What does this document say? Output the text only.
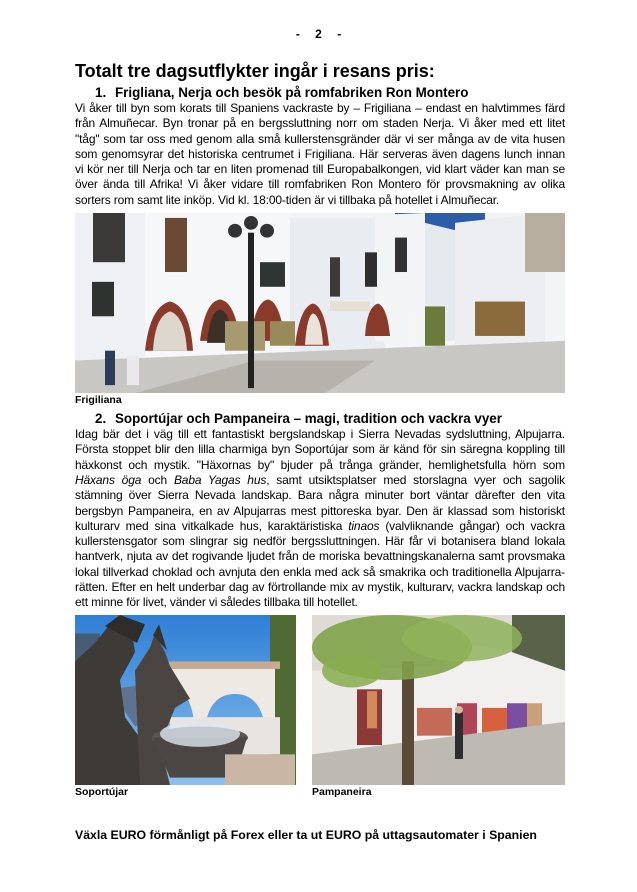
- 2 -
Totalt tre dagsutflykter ingår i resans pris:
1. Frigliana, Nerja och besök på romfabriken Ron Montero
Vi åker till byn som korats till Spaniens vackraste by – Frigiliana – endast en halvtimmes färd
från Almuñecar. Byn tronar på en bergssluttning norr om staden Nerja. Vi åker med ett litet
"tåg" som tar oss med genom alla små kullerstensgränder där vi ser många av de vita husen
som genomsyrar det historiska centrumet i Frigiliana. Här serveras även dagens lunch innan
vi kör ner till Nerja och tar en liten promenad till Europabalkongen, vid klart väder kan man se
över ända till Afrika! Vi åker vidare till romfabriken Ron Montero för provsmakning av olika
sorters rom samt lite inköp. Vid kl. 18:00-tiden är vi tillbaka på hotellet i Almuñecar.
Frigiliana
2. Soportújar och Pampaneira – magi, tradition och vackra vyer
Idag bär det i väg till ett fantastiskt bergslandskap i Sierra Nevadas sydsluttning, Alpujarra. Första stoppet blir den lilla charmiga byn Soportújar som är känd för sin säregna koppling till häxkonst och mystik. "Häxornas by" bjuder på trånga gränder, hemlighetsfulla hörn som Häxans öga och Baba Yagas hus, samt utsiktsplatser med storslagna vyer och sagolik stämning över Sierra Nevada landskap. Bara några minuter bort väntar därefter den vita bergsbyn Pampaneira, en av Alpujarras mest pittoreska byar. Den är klassad som historiskt kulturarv med sina vitkalkade hus, karaktäristiska tinaos (valvliknande gångar) och vackra kullerstensgator som slingrar sig nedför bergssluttningen. Här får vi botanisera bland lokala hantverk, njuta av det rogivande ljudet från de moriska bevattningskanalerna samt provsmaka lokal tillverkad choklad och avnjuta den enkla med ack så smakrika och traditionella Alpujarra-rätten. Efter en helt underbar dag av förtrollande mix av mystik, kulturarv, vackra landskap och ett minne för livet, vänder vi således tillbaka till hotellet.
Soportújar	Pampaneira
Växla EURO förmånligt på Forex eller ta ut EURO på uttagsautomater i Spanien
